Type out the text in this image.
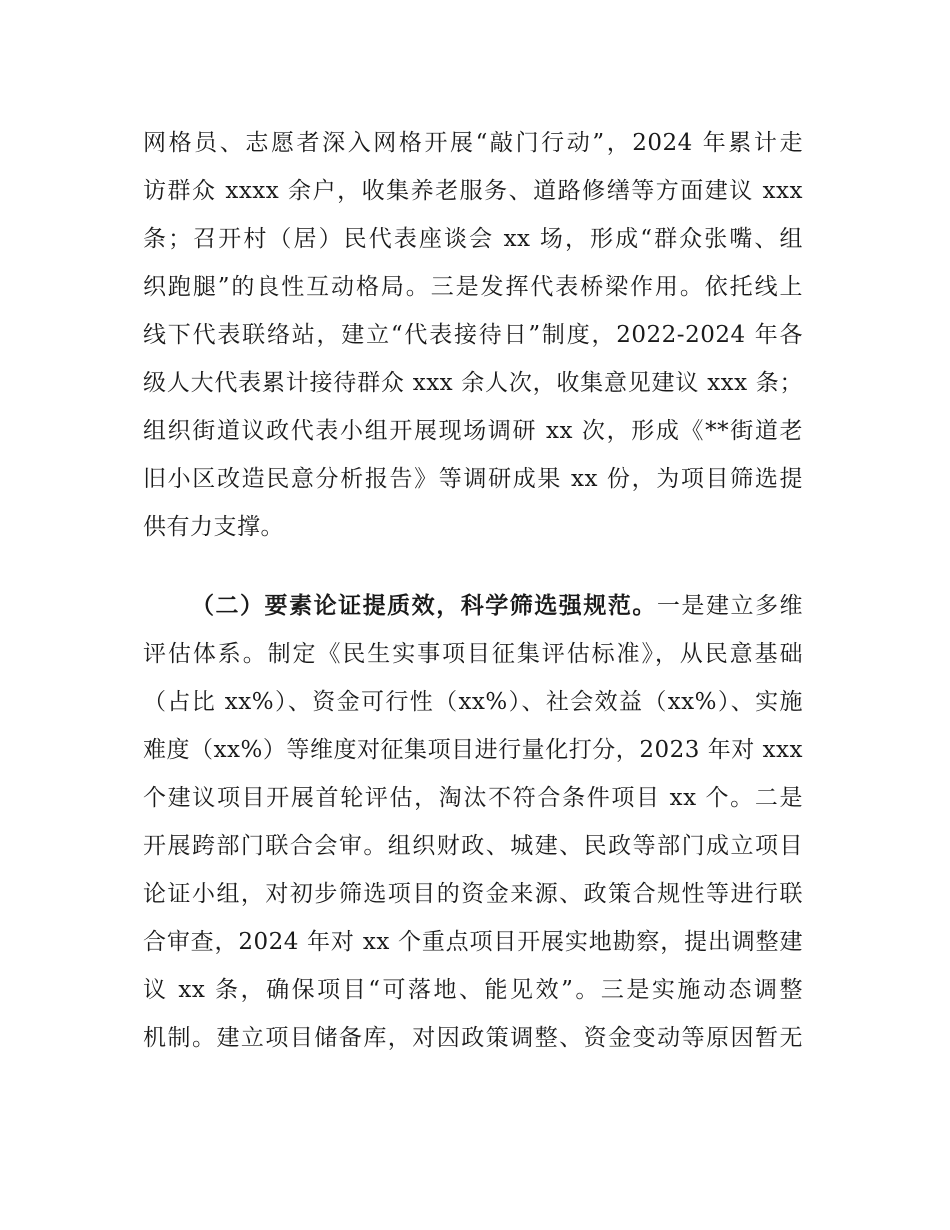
网格员、志愿者深入网格开展“敲门行动”，2024 年累计走
访群众 xxxx 余户，收集养老服务、道路修缮等方面建议 xxx
条；召开村（居）民代表座谈会 xx 场，形成“群众张嘴、组
织跑腿”的良性互动格局。三是发挥代表桥梁作用。依托线上
线下代表联络站，建立“代表接待日”制度，2022-2024 年各
级人大代表累计接待群众 xxx 余人次，收集意见建议 xxx 条；
组织街道议政代表小组开展现场调研 xx 次，形成《**街道老
旧小区改造民意分析报告》等调研成果 xx 份，为项目筛选提
供有力支撑。
（二）要素论证提质效，科学筛选强规范。一是建立多维
评估体系。制定《民生实事项目征集评估标准》，从民意基础
（占比 xx%）、资金可行性（xx%）、社会效益（xx%）、实施
难度（xx%）等维度对征集项目进行量化打分，2023 年对 xxx
个建议项目开展首轮评估，淘汰不符合条件项目 xx 个。二是
开展跨部门联合会审。组织财政、城建、民政等部门成立项目
论证小组，对初步筛选项目的资金来源、政策合规性等进行联
合审查，2024 年对 xx 个重点项目开展实地勘察，提出调整建
议 xx 条，确保项目“可落地、能见效”。三是实施动态调整
机制。建立项目储备库，对因政策调整、资金变动等原因暂无
